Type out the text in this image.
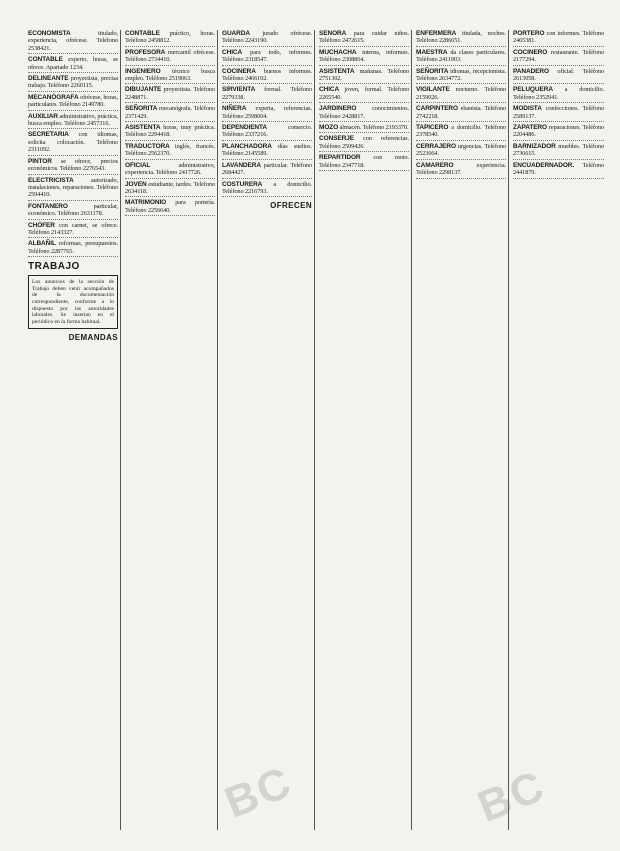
ECONOMISTA titulado, experiencia, ofrécese. Teléfono 2538421.
CONTABLE experto, horas, se ofrece. Apartado 1234.
DELINEANTE proyectista, precisa trabajo. Teléfono 2260115.
MECANÓGRAFA ofrécese, horas, particulares. Teléfono 2149780.
AUXILIAR administrativo, práctica, busca empleo. Teléfono 2457316.
SECRETARIA con idiomas, solicita colocación. Teléfono 2311092.
PINTOR se ofrece, precios económicos. Teléfono 2276543.
ELECTRICISTA autorizado, instalaciones, reparaciones. Teléfono 2594410.
FONTANERO particular, económico. Teléfono 2631178.
CHÓFER con carnet, se ofrece. Teléfono 2143327.
ALBAÑIL reformas, presupuestos. Teléfono 2287765.
TRABAJO
Los anuncios de la sección de Trabajo deben venir acompañados de la documentación correspondiente, conforme a lo dispuesto por las autoridades laborales. Se insertan en el periódico en la forma habitual.
DEMANDAS
CONTABLE práctico, horas. Teléfono 2458812.
PROFESORA mercantil ofrécese. Teléfono 2734410.
INGENIERO técnico busca empleo. Teléfono 2519063.
DIBUJANTE proyectista. Teléfono 2248871.
SEÑORITA mecanógrafa. Teléfono 2371429.
ASISTENTA horas, muy práctica. Teléfono 2294418.
TRADUCTORA inglés, francés. Teléfono 2562370.
OFICIAL administrativo, experiencia. Teléfono 2417726.
JOVEN estudiante, tardes. Teléfono 2634118.
MATRIMONIO para portería. Teléfono 2256640.
GUARDA jurado ofrécese. Teléfono 2243190.
CHICA para todo, informes. Teléfono 2318547.
COCINERA buenos informes. Teléfono 2466102.
SIRVIENTA formal. Teléfono 2279338.
NIÑERA experta, referencias. Teléfono 2598004.
DEPENDIENTA comercio. Teléfono 2337216.
PLANCHADORA días sueltos. Teléfono 2145589.
LAVANDERA particular. Teléfono 2684427.
COSTURERA a domicilio. Teléfono 2216793.
OFRECEN
SEÑORA para cuidar niños. Teléfono 2472615.
MUCHACHA interna, informes. Teléfono 2308864.
ASISTENTA mañanas. Teléfono 2751302.
CHICA joven, formal. Teléfono 2265540.
JARDINERO conocimientos. Teléfono 2428817.
MOZO almacén. Teléfono 2193370.
CONSERJE con referencias. Teléfono 2509426.
REPARTIDOR con moto. Teléfono 2347718.
ENFERMERA titulada, noches. Teléfono 2286651.
MAESTRA da clases particulares. Teléfono 2411903.
SEÑORITA idiomas, recepcionista. Teléfono 2634772.
VIGILANTE nocturno. Teléfono 2159026.
CARPINTERO ebanista. Teléfono 2742218.
TAPICERO a domicilio. Teléfono 2378540.
CERRAJERO urgencias. Teléfono 2523664.
CAMARERO experiencia. Teléfono 2298137.
PORTERO con informes. Teléfono 2465381.
COCINERO restaurante. Teléfono 2177294.
PANADERO oficial. Teléfono 2613058.
PELUQUERA a domicilio. Teléfono 2352941.
MODISTA confecciones. Teléfono 2589137.
ZAPATERO reparaciones. Teléfono 2204486.
BARNIZADOR muebles. Teléfono 2736615.
ENCUADERNADOR. Teléfono 2441879.
BC	BC
